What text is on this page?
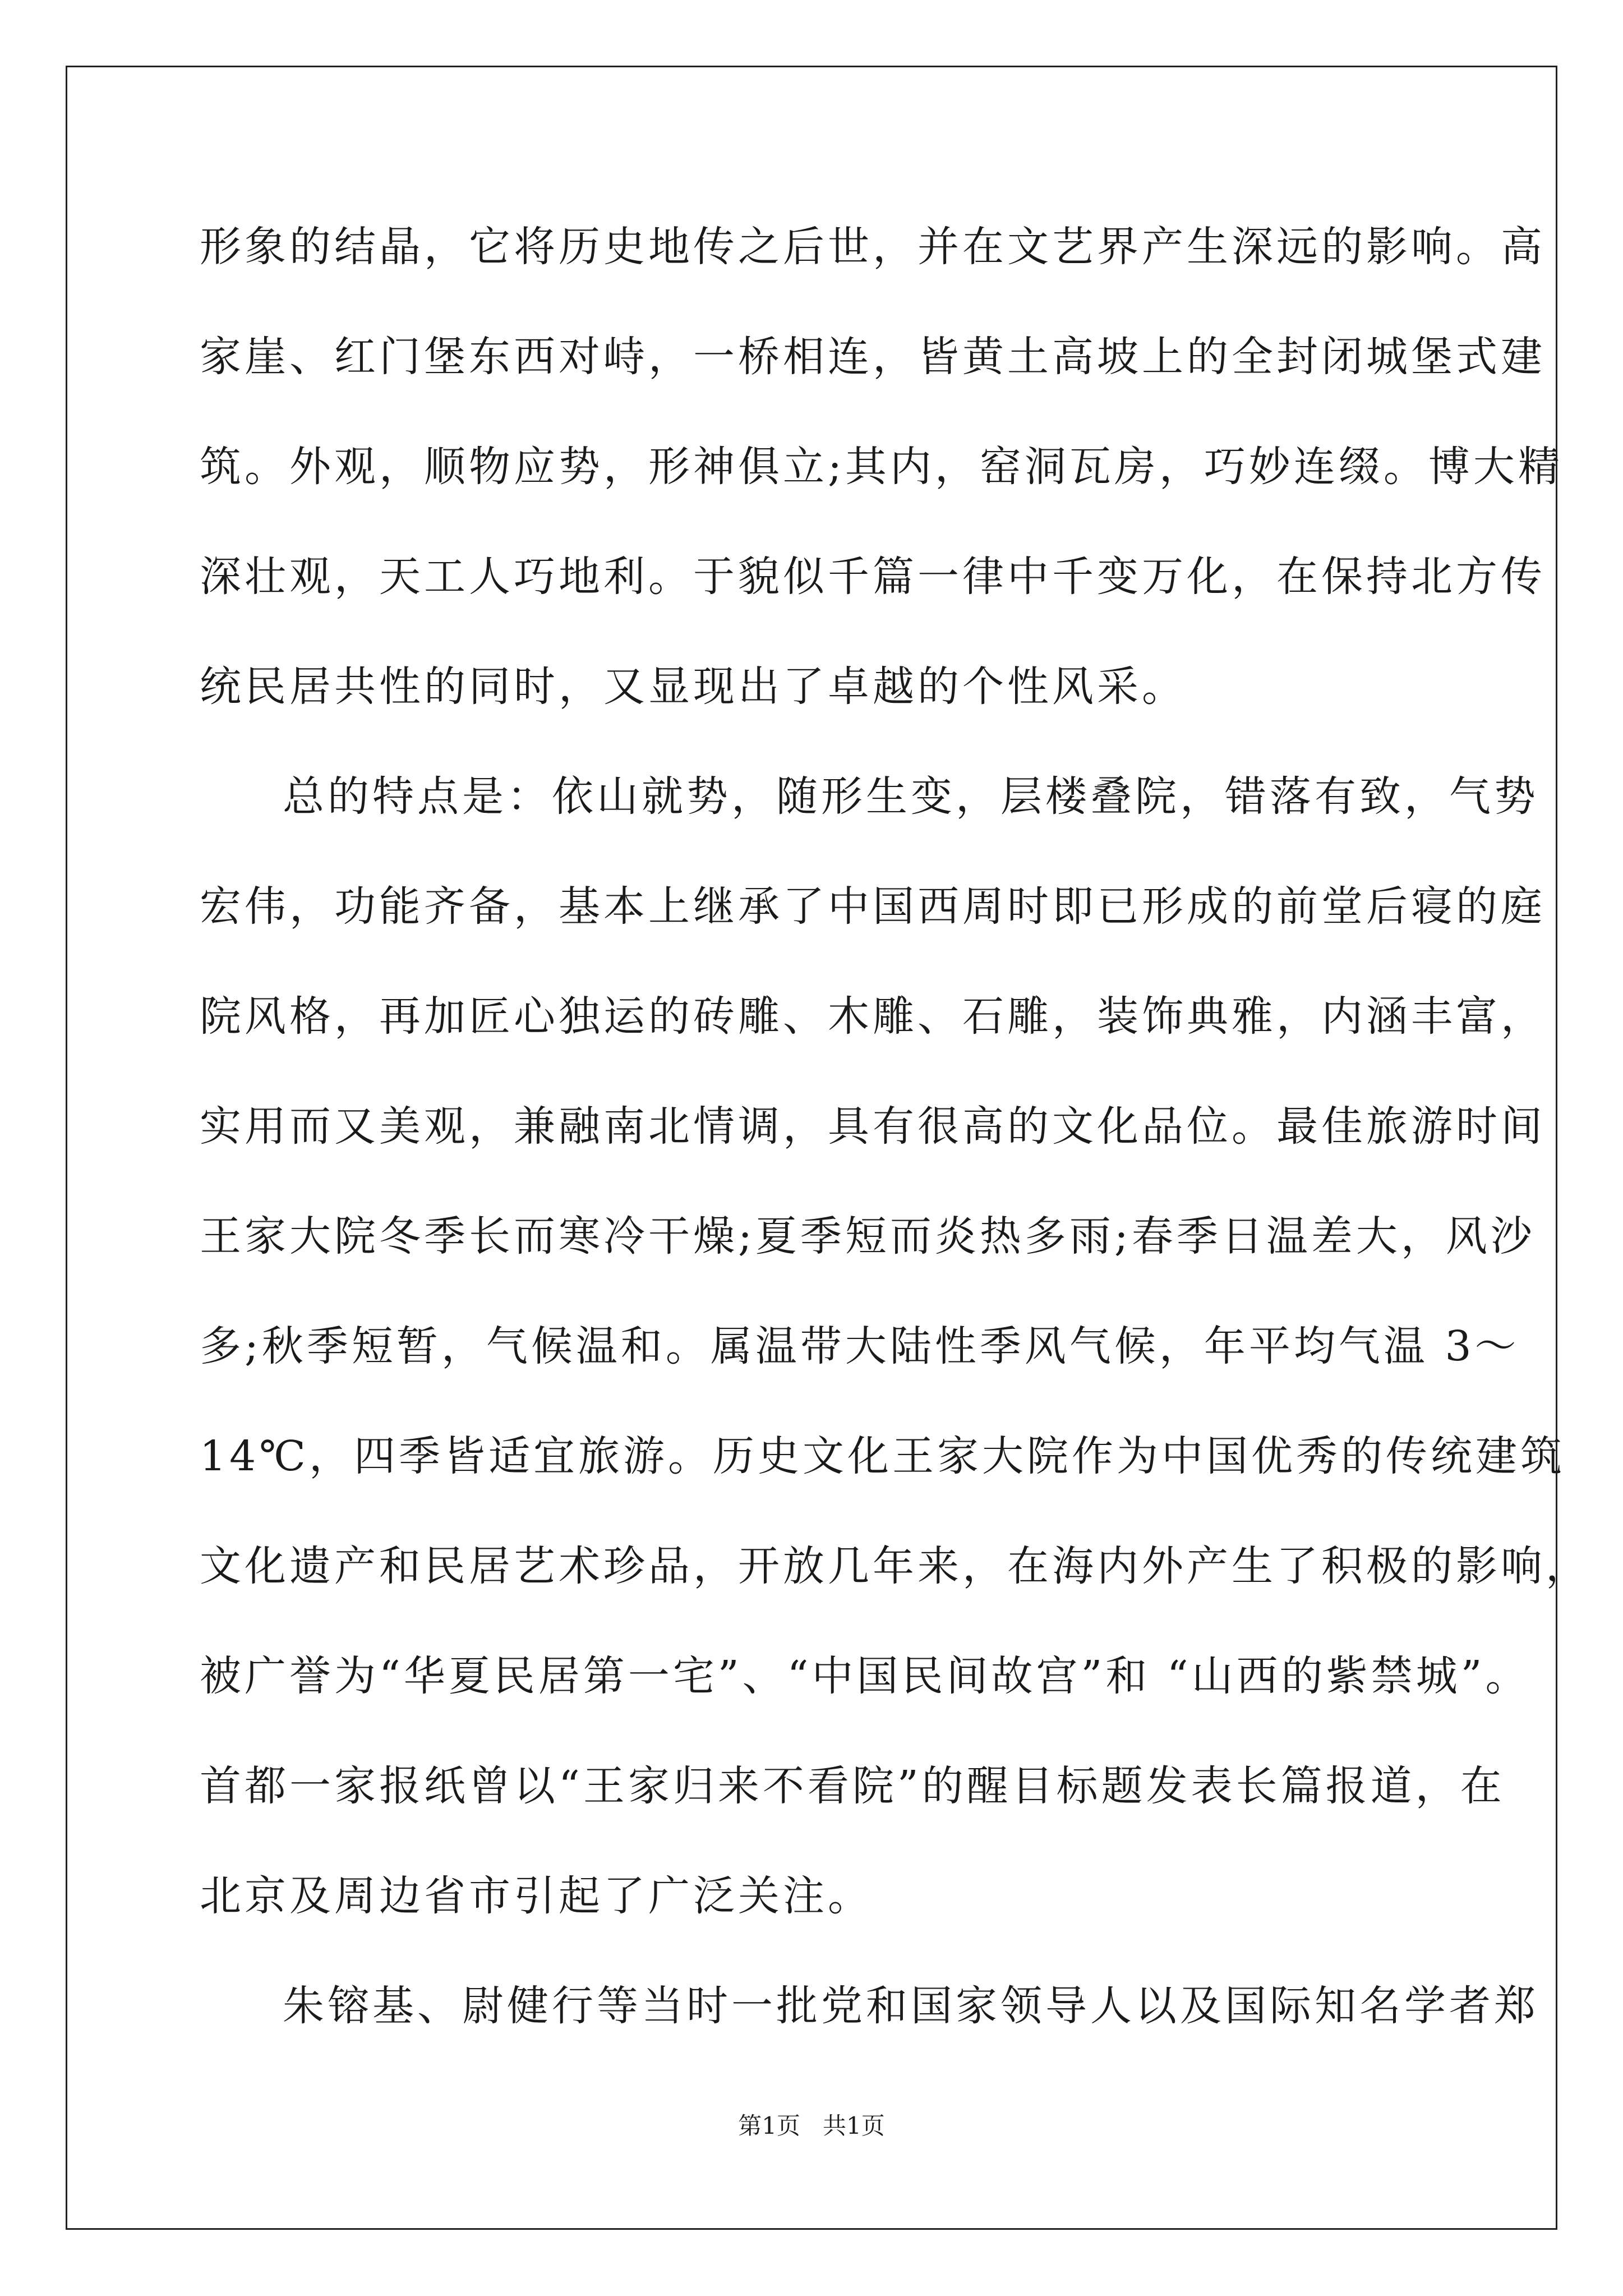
形象的结晶，它将历史地传之后世，并在文艺界产生深远的影响。高
家崖、红门堡东西对峙，一桥相连，皆黄土高坡上的全封闭城堡式建
筑。外观，顺物应势，形神俱立;其内，窑洞瓦房，巧妙连缀。博大精
深壮观，天工人巧地利。于貌似千篇一律中千变万化，在保持北方传
统民居共性的同时，又显现出了卓越的个性风采。
总的特点是：依山就势，随形生变，层楼叠院，错落有致，气势
宏伟，功能齐备，基本上继承了中国西周时即已形成的前堂后寝的庭
院风格，再加匠心独运的砖雕、木雕、石雕，装饰典雅，内涵丰富，
实用而又美观，兼融南北情调，具有很高的文化品位。最佳旅游时间
王家大院冬季长而寒冷干燥;夏季短而炎热多雨;春季日温差大，风沙
多;秋季短暂，气候温和。属温带大陆性季风气候，年平均气温 3～
14℃，四季皆适宜旅游。历史文化王家大院作为中国优秀的传统建筑
文化遗产和民居艺术珍品，开放几年来，在海内外产生了积极的影响，
被广誉为“华夏民居第一宅”、“中国民间故宫”和 “山西的紫禁城”。
首都一家报纸曾以“王家归来不看院”的醒目标题发表长篇报道，在
北京及周边省市引起了广泛关注。
朱镕基、尉健行等当时一批党和国家领导人以及国际知名学者郑
第1页   共1页
